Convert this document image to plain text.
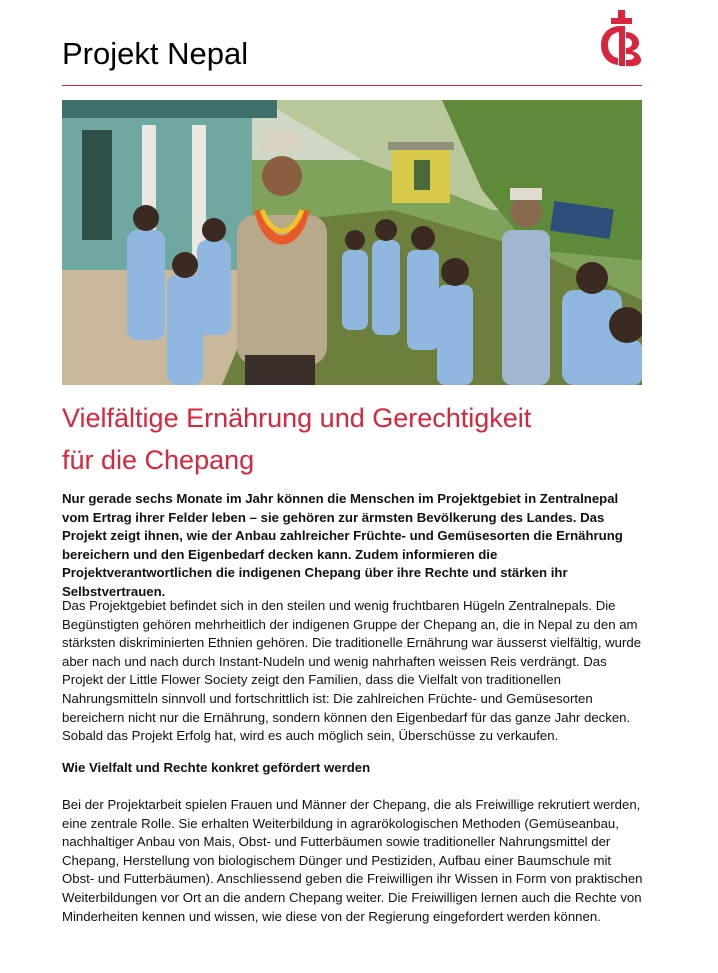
Projekt Nepal
Vielfältige Ernährung und Gerechtigkeit
für die Chepang

Nur gerade sechs Monate im Jahr können die Menschen im Projektgebiet in Zentralnepal vom Ertrag ihrer Felder leben – sie gehören zur ärmsten Bevölkerung des Landes. Das Projekt zeigt ihnen, wie der Anbau zahlreicher Früchte- und Gemüsesorten die Ernährung bereichern und den Eigenbedarf decken kann. Zudem informieren die Projektverantwortlichen die indigenen Chepang über ihre Rechte und stärken ihr Selbstvertrauen.

Das Projektgebiet befindet sich in den steilen und wenig fruchtbaren Hügeln Zentralnepals. Die Begünstigten gehören mehrheitlich der indigenen Gruppe der Chepang an, die in Nepal zu den am stärksten diskriminierten Ethnien gehören. Die traditionelle Ernährung war äusserst vielfältig, wurde aber nach und nach durch Instant-Nudeln und wenig nahrhaften weissen Reis verdrängt. Das Projekt der Little Flower Society zeigt den Familien, dass die Vielfalt von traditionellen Nahrungsmitteln sinnvoll und fortschrittlich ist: Die zahlreichen Früchte- und Gemüsesorten bereichern nicht nur die Ernährung, sondern können den Eigenbedarf für das ganze Jahr decken. Sobald das Projekt Erfolg hat, wird es auch möglich sein, Überschüsse zu verkaufen.

Wie Vielfalt und Rechte konkret gefördert werden

Bei der Projektarbeit spielen Frauen und Männer der Chepang, die als Freiwillige rekrutiert werden, eine zentrale Rolle. Sie erhalten Weiterbildung in agrarökologischen Methoden (Gemüseanbau, nachhaltiger Anbau von Mais, Obst- und Futterbäumen sowie traditioneller Nahrungsmittel der Chepang, Herstellung von biologischem Dünger und Pestiziden, Aufbau einer Baumschule mit Obst- und Futterbäumen). Anschliessend geben die Freiwilligen ihr Wissen in Form von praktischen Weiterbildungen vor Ort an die andern Chepang weiter. Die Freiwilligen lernen auch die Rechte von Minderheiten kennen und wissen, wie diese von der Regierung eingefordert werden können.
